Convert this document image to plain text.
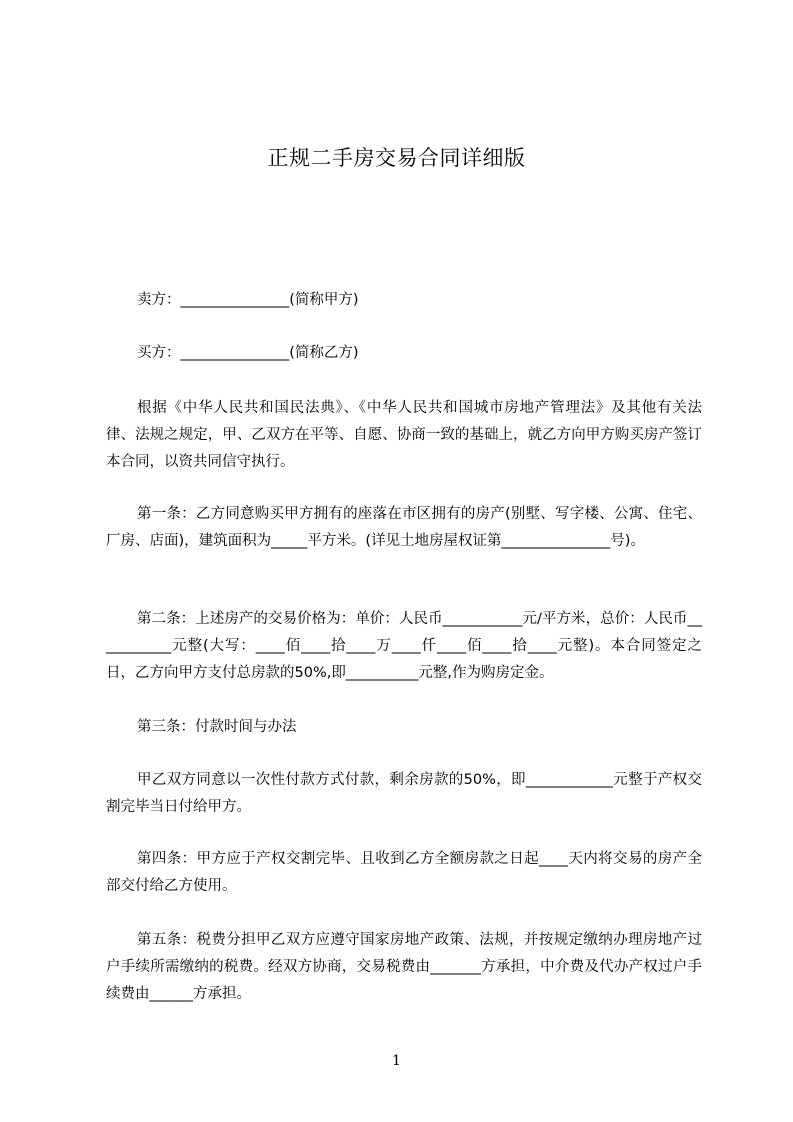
正规二手房交易合同详细版

卖方：_______________(简称甲方)

买方：_______________(简称乙方)

根据《中华人民共和国民法典》、《中华人民共和国城市房地产管理法》及其他有关法律、法规之规定，甲、乙双方在平等、自愿、协商一致的基础上，就乙方向甲方购买房产签订本合同，以资共同信守执行。

第一条：乙方同意购买甲方拥有的座落在市区拥有的房产(别墅、写字楼、公寓、住宅、厂房、店面)，建筑面积为_____平方米。(详见土地房屋权证第_______________号)。

第二条：上述房产的交易价格为：单价：人民币___________元/平方米，总价：人民币___________元整(大写：____佰____拾____万____仟____佰____拾____元整)。本合同签定之日，乙方向甲方支付总房款的50%,即__________元整,作为购房定金。

第三条：付款时间与办法

甲乙双方同意以一次性付款方式付款，剩余房款的50%，即____________元整于产权交割完毕当日付给甲方。

第四条：甲方应于产权交割完毕、且收到乙方全额房款之日起____天内将交易的房产全部交付给乙方使用。

第五条：税费分担甲乙双方应遵守国家房地产政策、法规，并按规定缴纳办理房地产过户手续所需缴纳的税费。经双方协商，交易税费由_______方承担，中介费及代办产权过户手续费由______方承担。

1
